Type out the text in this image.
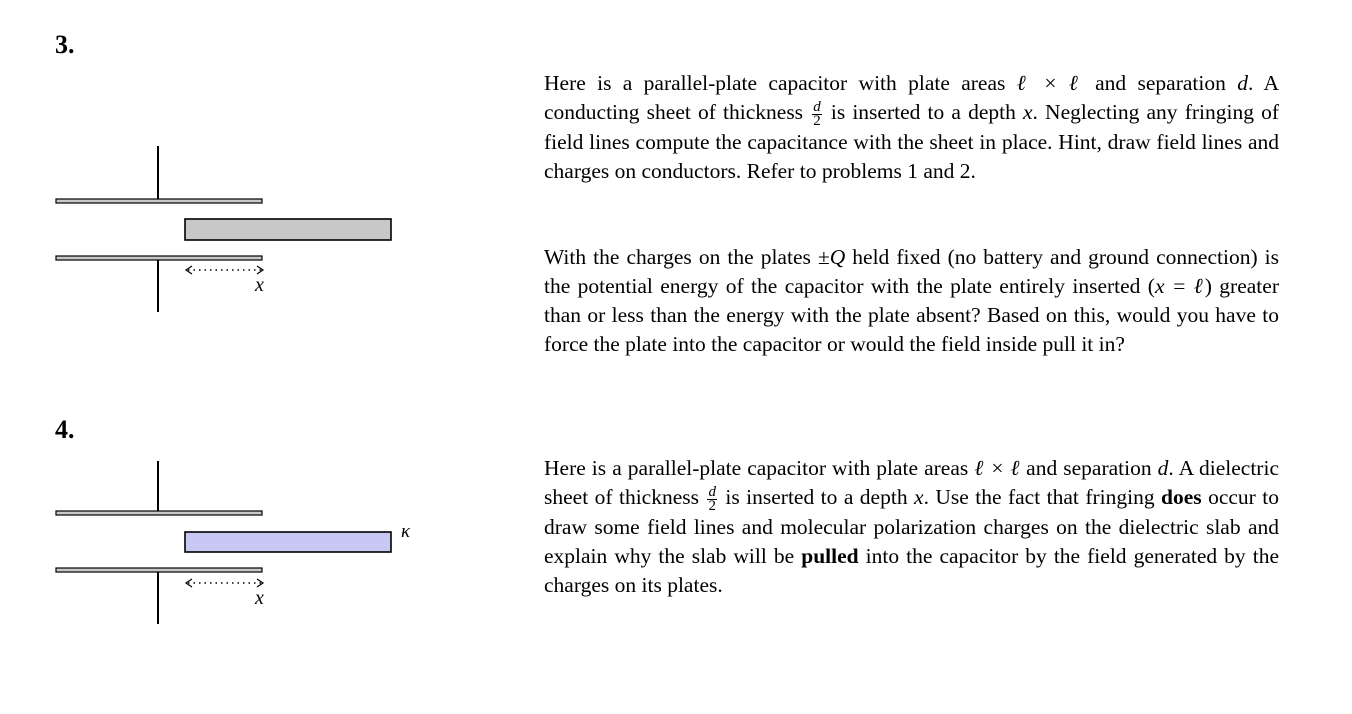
3.
x

Here is a parallel-plate capacitor with plate areas ℓ × ℓ and separation d. A conducting sheet of thickness $\frac{d}{2}$ is inserted to a depth x. Neglecting any fringing of field lines compute the capacitance with the sheet in place. Hint, draw field lines and charges on conductors. Refer to problems 1 and 2.

With the charges on the plates ±Q held fixed (no battery and ground connection) is the potential energy of the capacitor with the plate entirely inserted (x = ℓ) greater than or less than the energy with the plate absent? Based on this, would you have to force the plate into the capacitor or would the field inside pull it in?

4.
κ
x

Here is a parallel-plate capacitor with plate areas ℓ × ℓ and separation d. A dielectric sheet of thickness $\frac{d}{2}$ is inserted to a depth x. Use the fact that fringing does occur to draw some field lines and molecular polarization charges on the dielectric slab and explain why the slab will be pulled into the capacitor by the field generated by the charges on its plates.
